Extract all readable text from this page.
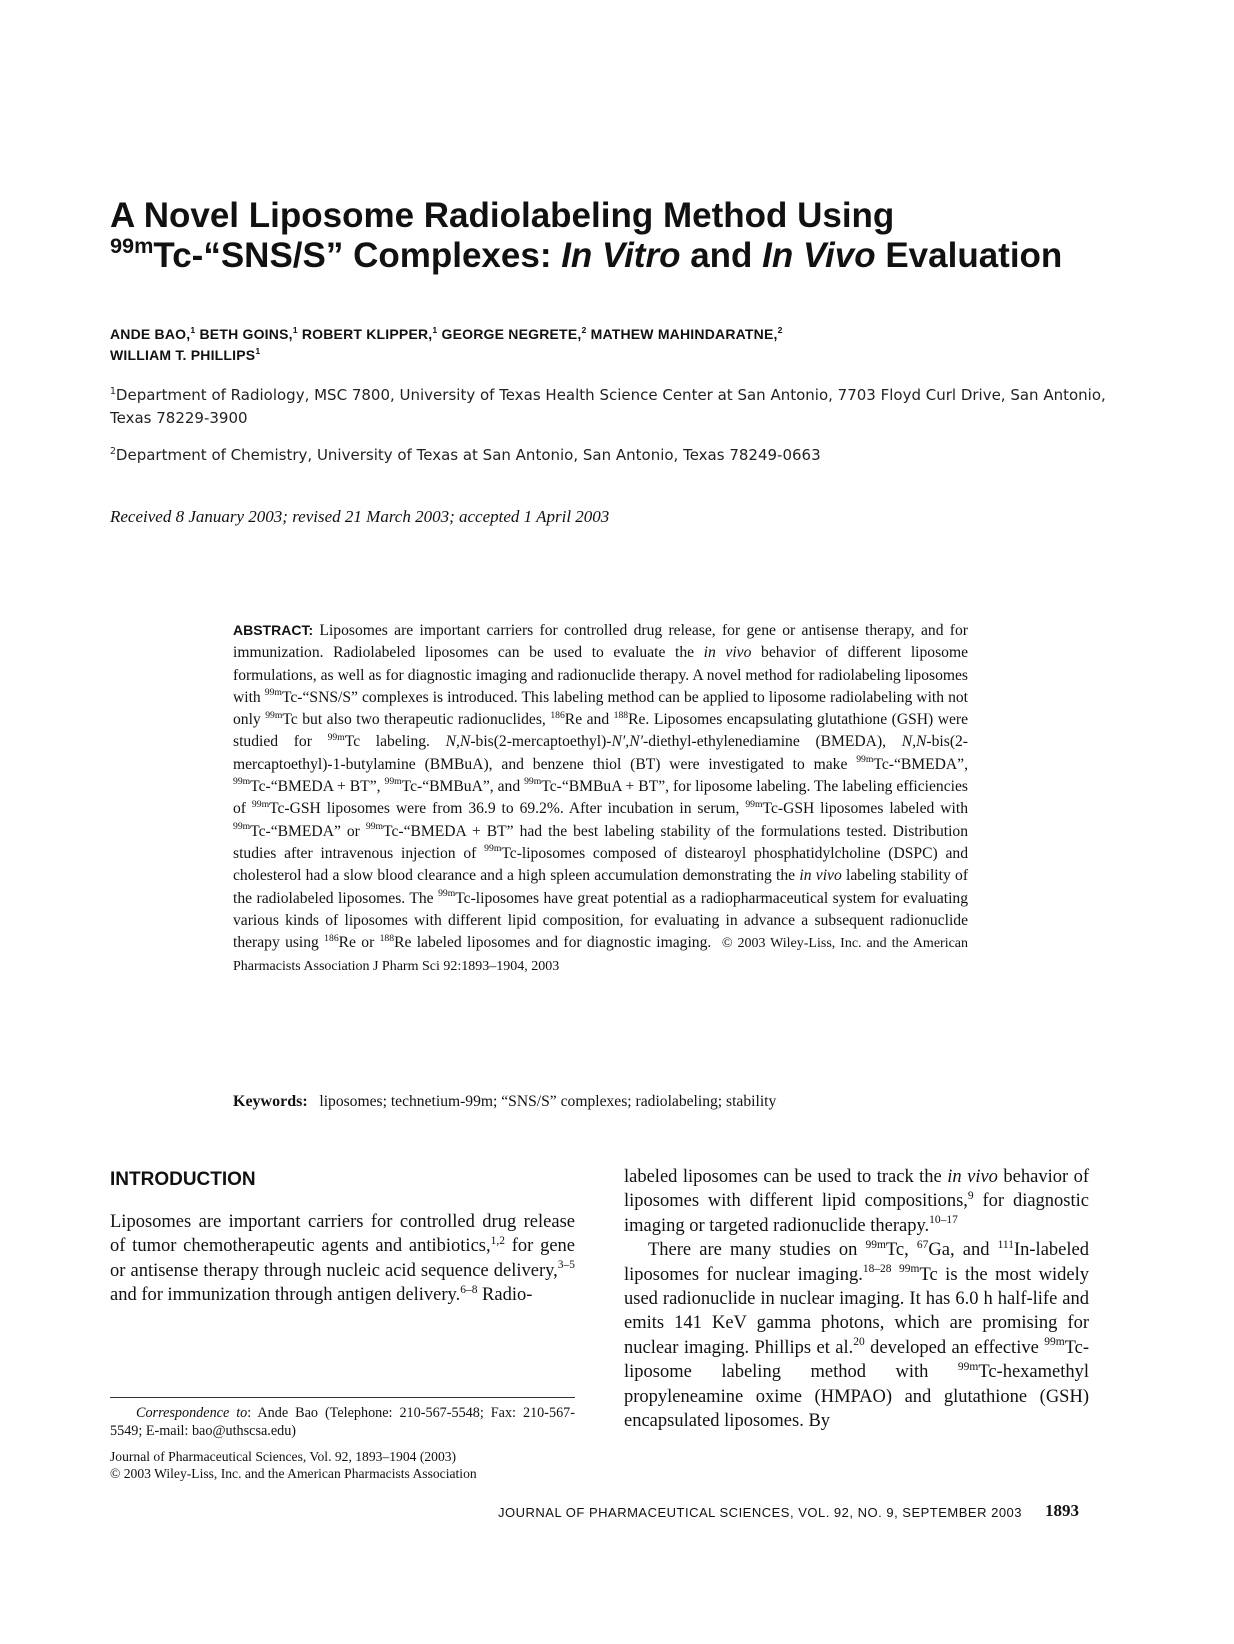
A Novel Liposome Radiolabeling Method Using
$^{99m}$Tc-“SNS/S” Complexes: In Vitro and In Vivo Evaluation
ANDE BAO,$^1$ BETH GOINS,$^1$ ROBERT KLIPPER,$^1$ GEORGE NEGRETE,$^2$ MATHEW MAHINDARATNE,$^2$
WILLIAM T. PHILLIPS$^1$
$^1$Department of Radiology, MSC 7800, University of Texas Health Science Center at San Antonio, 7703 Floyd Curl Drive, San Antonio, Texas 78229-3900
$^2$Department of Chemistry, University of Texas at San Antonio, San Antonio, Texas 78249-0663
Received 8 January 2003; revised 21 March 2003; accepted 1 April 2003
ABSTRACT: Liposomes are important carriers for controlled drug release, for gene or antisense therapy, and for immunization. Radiolabeled liposomes can be used to evaluate the in vivo behavior of different liposome formulations, as well as for diagnostic imaging and radionuclide therapy. A novel method for radiolabeling liposomes with $^{99m}$Tc-“SNS/S” complexes is introduced. This labeling method can be applied to liposome radiolabeling with not only $^{99m}$Tc but also two therapeutic radionuclides, $^{186}$Re and $^{188}$Re. Liposomes encapsulating glutathione (GSH) were studied for $^{99m}$Tc labeling. N,N-bis(2-mercaptoethyl)-N′,N′-diethyl-ethylenediamine (BMEDA), N,N-bis(2-mercaptoethyl)-1-butylamine (BMBuA), and benzene thiol (BT) were investigated to make $^{99m}$Tc-“BMEDA”, $^{99m}$Tc-“BMEDA + BT”, $^{99m}$Tc-“BMBuA”, and $^{99m}$Tc-“BMBuA + BT”, for liposome labeling. The labeling efficiencies of $^{99m}$Tc-GSH liposomes were from 36.9 to 69.2%. After incubation in serum, $^{99m}$Tc-GSH liposomes labeled with $^{99m}$Tc-“BMEDA” or $^{99m}$Tc-“BMEDA + BT” had the best labeling stability of the formulations tested. Distribution studies after intravenous injection of $^{99m}$Tc-liposomes composed of distearoyl phosphatidylcholine (DSPC) and cholesterol had a slow blood clearance and a high spleen accumulation demonstrating the in vivo labeling stability of the radiolabeled liposomes. The $^{99m}$Tc-liposomes have great potential as a radiopharmaceutical system for evaluating various kinds of liposomes with different lipid composition, for evaluating in advance a subsequent radionuclide therapy using $^{186}$Re or $^{188}$Re labeled liposomes and for diagnostic imaging. © 2003 Wiley-Liss, Inc. and the American Pharmacists Association J Pharm Sci 92:1893–1904, 2003
Keywords: liposomes; technetium-99m; “SNS/S” complexes; radiolabeling; stability
INTRODUCTION
Liposomes are important carriers for controlled drug release of tumor chemotherapeutic agents and antibiotics,$^{1,2}$ for gene or antisense therapy through nucleic acid sequence delivery,$^{3-5}$ and for immunization through antigen delivery.$^{6-8}$ Radio-

labeled liposomes can be used to track the in vivo behavior of liposomes with different lipid compositions,$^9$ for diagnostic imaging or targeted radionuclide therapy.$^{10-17}$

There are many studies on $^{99m}$Tc, $^{67}$Ga, and $^{111}$In-labeled liposomes for nuclear imaging.$^{18-28}$ $^{99m}$Tc is the most widely used radionuclide in nuclear imaging. It has 6.0 h half-life and emits 141 KeV gamma photons, which are promising for nuclear imaging. Phillips et al.$^{20}$ developed an effective $^{99m}$Tc-liposome labeling method with $^{99m}$Tc-hexamethyl propyleneamine oxime (HMPAO) and glutathione (GSH) encapsulated liposomes. By

Correspondence to: Ande Bao (Telephone: 210-567-5548; Fax: 210-567-5549; E-mail: bao@uthscsa.edu)
Journal of Pharmaceutical Sciences, Vol. 92, 1893–1904 (2003)
© 2003 Wiley-Liss, Inc. and the American Pharmacists Association
JOURNAL OF PHARMACEUTICAL SCIENCES, VOL. 92, NO. 9, SEPTEMBER 2003 1893
